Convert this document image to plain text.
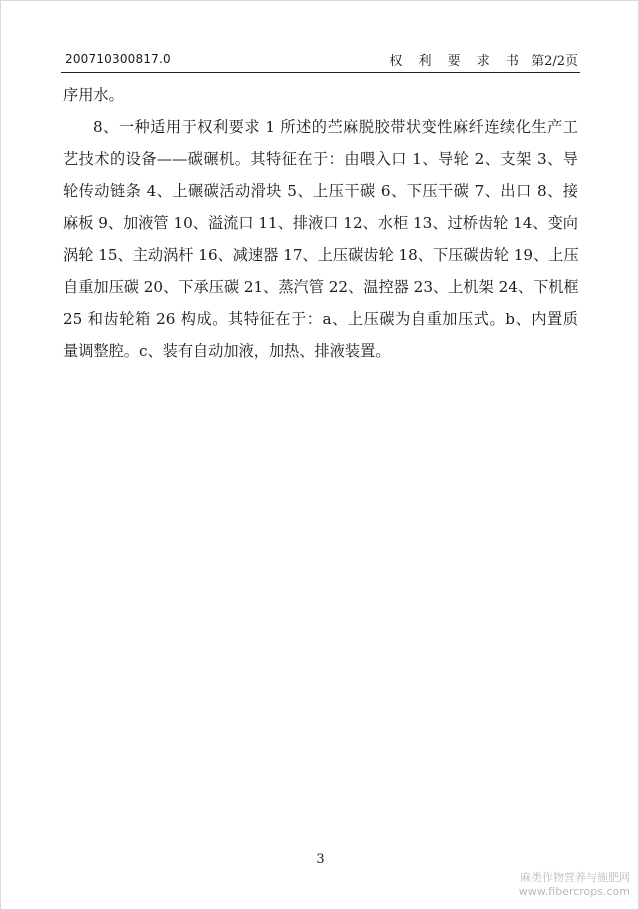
200710300817.0	权 利 要 求 书 第2/2页
序用水。
8、一种适用于权利要求 1 所述的苎麻脱胶带状变性麻纤连续化生产工
艺技术的设备——碳碾机。其特征在于：由喂入口 1、导轮 2、支架 3、导
轮传动链条 4、上碾碳活动滑块 5、上压干碳 6、下压干碳 7、出口 8、接
麻板 9、加液管 10、溢流口 11、排液口 12、水柜 13、过桥齿轮 14、变向
涡轮 15、主动涡杆 16、减速器 17、上压碳齿轮 18、下压碳齿轮 19、上压
自重加压碳 20、下承压碳 21、蒸汽管 22、温控器 23、上机架 24、下机框
25 和齿轮箱 26 构成。其特征在于：a、上压碳为自重加压式。b、内置质
量调整腔。c、装有自动加液，加热、排液装置。
3
麻类作物营养与施肥网
www.fibercrops.com
